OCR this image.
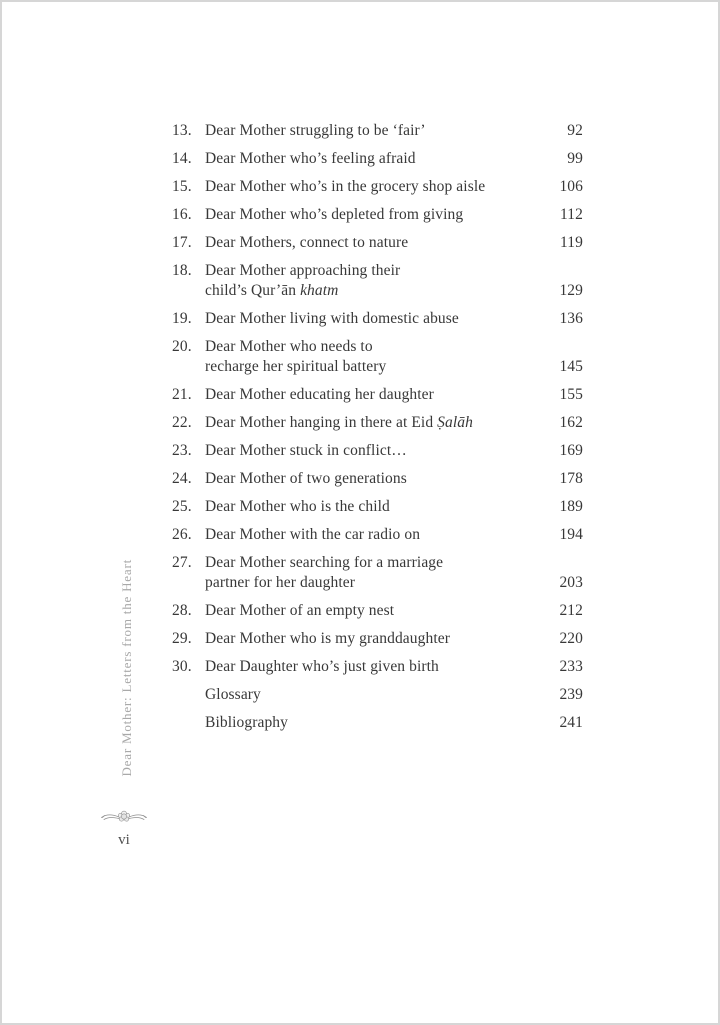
13. Dear Mother struggling to be ‘fair’	92
14. Dear Mother who’s feeling afraid	99
15. Dear Mother who’s in the grocery shop aisle	106
16. Dear Mother who’s depleted from giving	112
17. Dear Mothers, connect to nature	119
18. Dear Mother approaching their
child’s Qur’ān khatm	129
19. Dear Mother living with domestic abuse	136
20. Dear Mother who needs to
recharge her spiritual battery	145
21. Dear Mother educating her daughter	155
22. Dear Mother hanging in there at Eid Ṣalāh	162
23. Dear Mother stuck in conflict…	169
24. Dear Mother of two generations	178
25. Dear Mother who is the child	189
26. Dear Mother with the car radio on	194
27. Dear Mother searching for a marriage
partner for her daughter	203
28. Dear Mother of an empty nest	212
29. Dear Mother who is my granddaughter	220
30. Dear Daughter who’s just given birth	233
Glossary	239
Bibliography	241
Dear Mother: Letters from the Heart
vi
